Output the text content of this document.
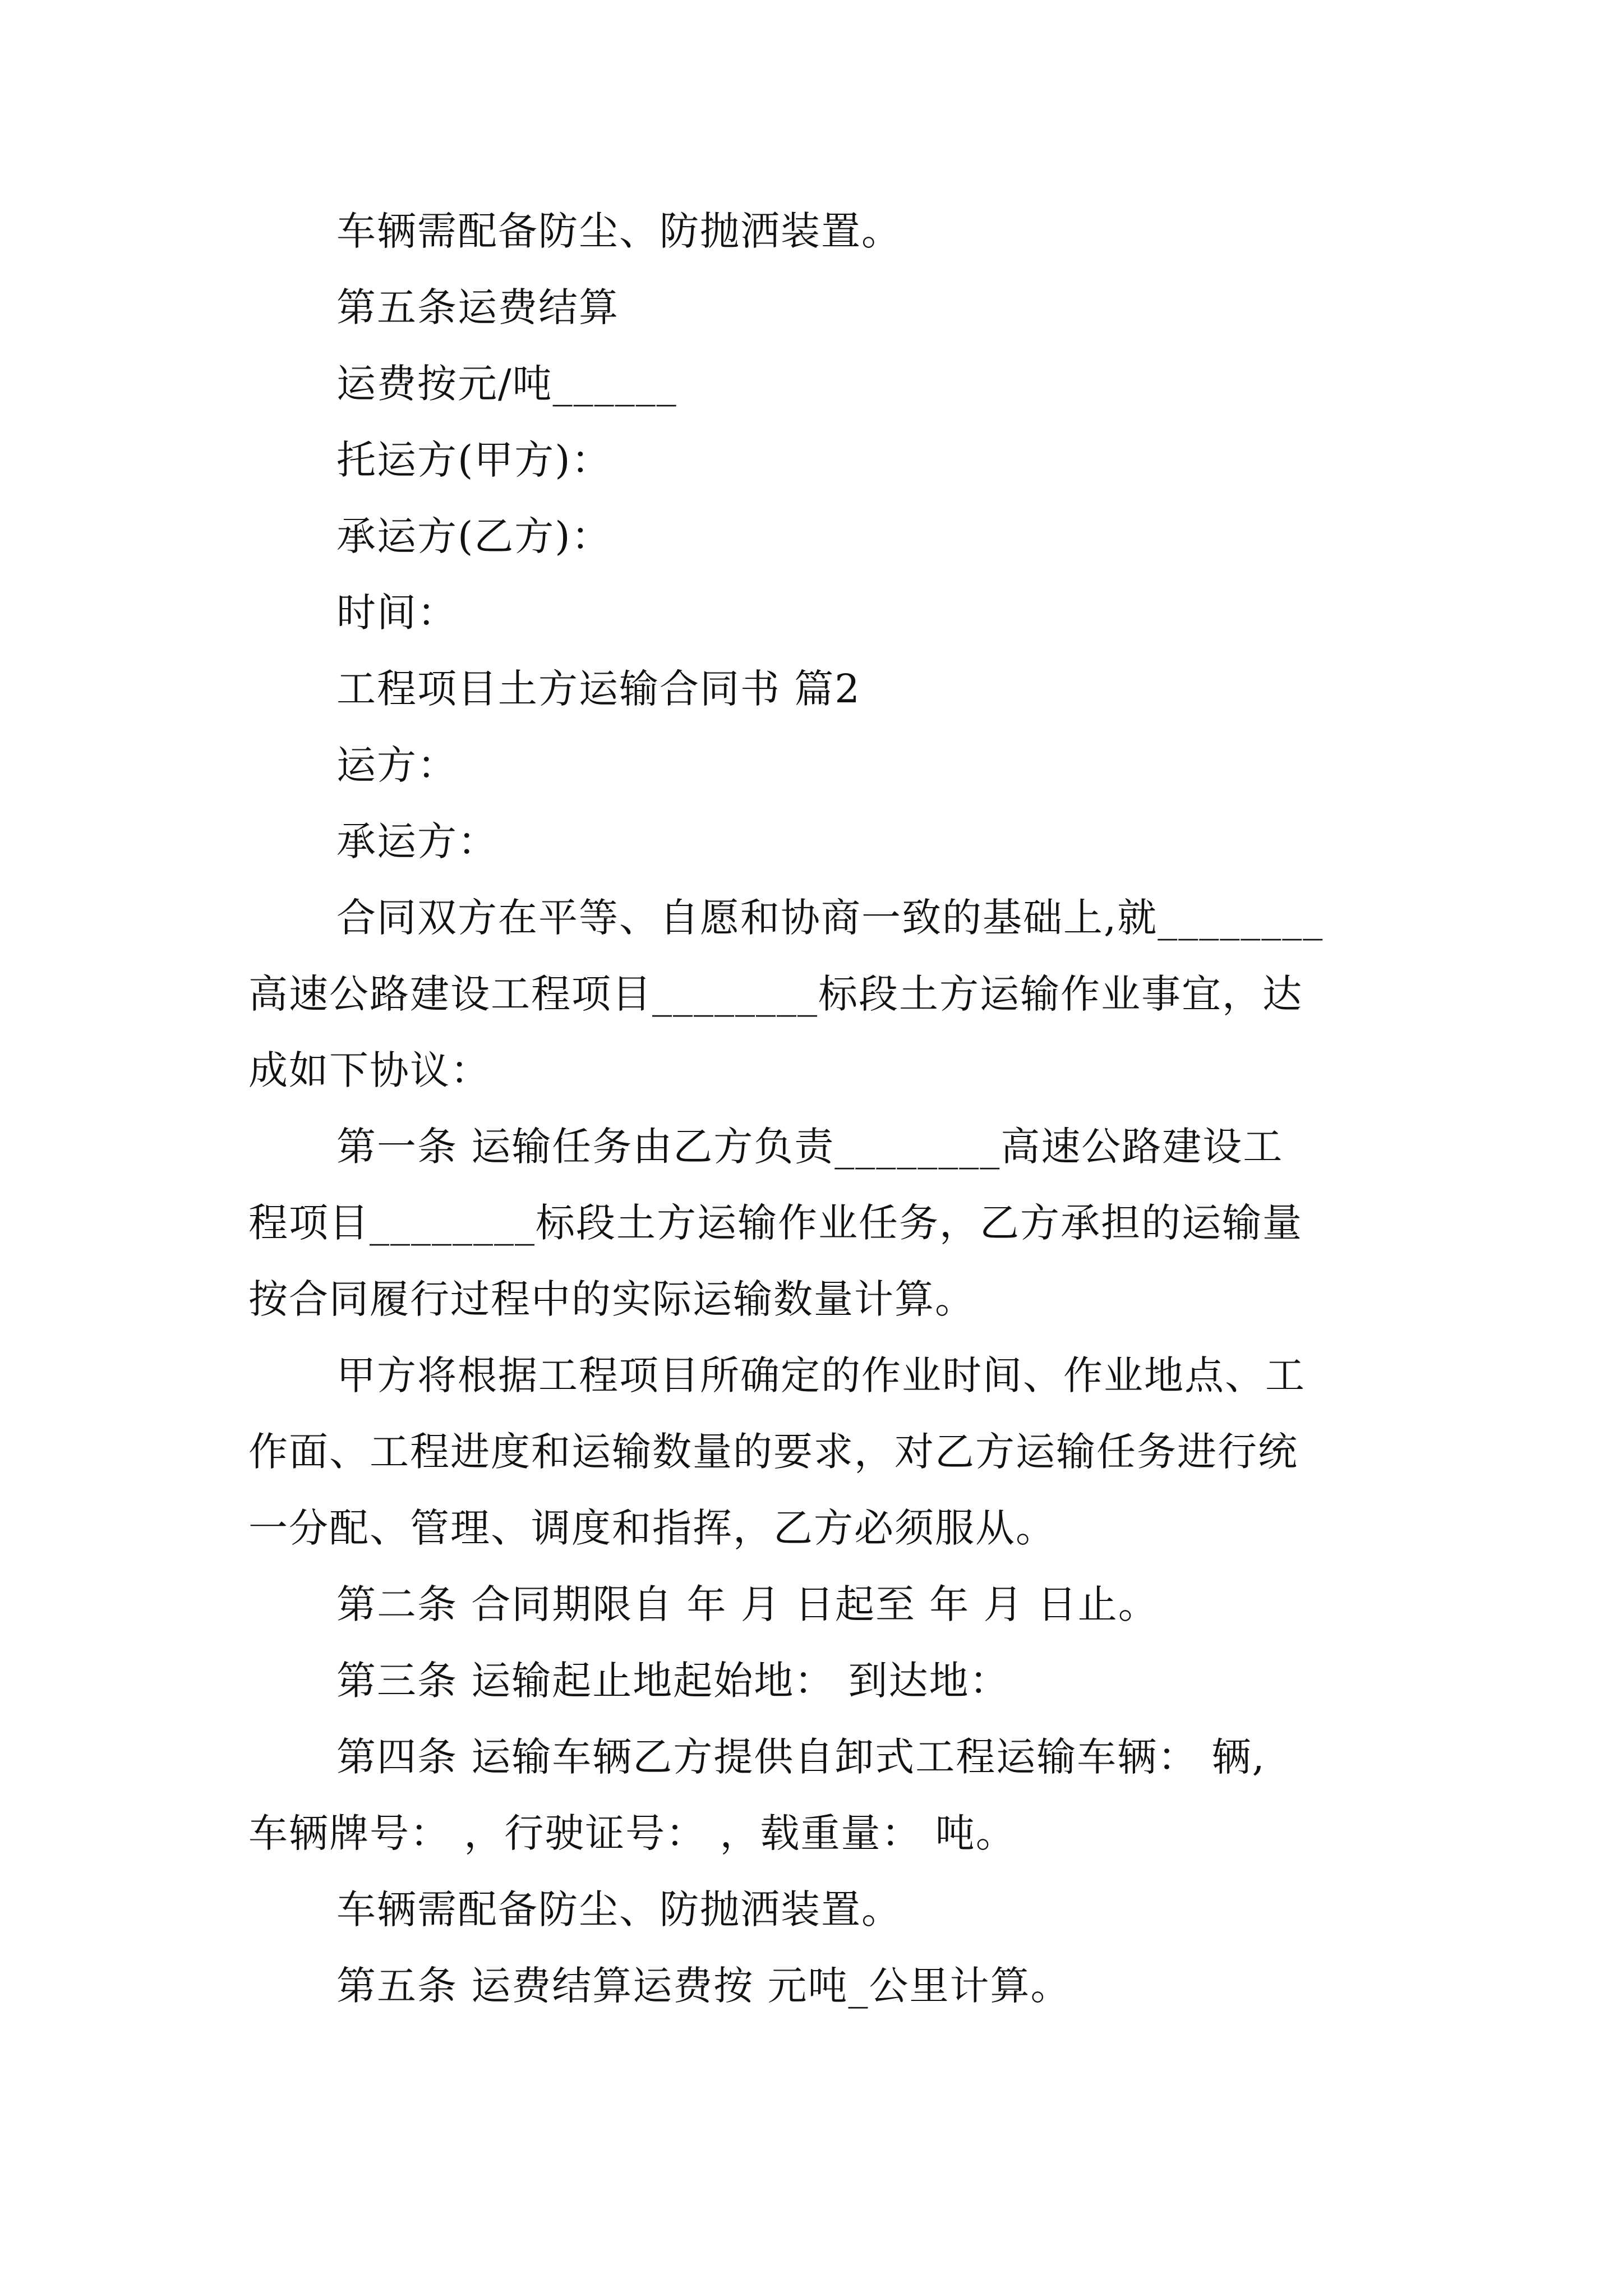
车辆需配备防尘、防抛洒装置。
第五条运费结算
运费按元/吨______
托运方(甲方)：
承运方(乙方)：
时间：
工程项目土方运输合同书 篇2
运方：
承运方：
合同双方在平等、自愿和协商一致的基础上,就________
高速公路建设工程项目________标段土方运输作业事宜，达
成如下协议：
第一条 运输任务由乙方负责________高速公路建设工
程项目________标段土方运输作业任务，乙方承担的运输量
按合同履行过程中的实际运输数量计算。
甲方将根据工程项目所确定的作业时间、作业地点、工
作面、工程进度和运输数量的要求，对乙方运输任务进行统
一分配、管理、调度和指挥，乙方必须服从。
第二条 合同期限自 年 月 日起至 年 月 日止。
第三条 运输起止地起始地： 到达地：
第四条 运输车辆乙方提供自卸式工程运输车辆： 辆,
车辆牌号： ，行驶证号： ，载重量： 吨。
车辆需配备防尘、防抛洒装置。
第五条 运费结算运费按 元吨_公里计算。
